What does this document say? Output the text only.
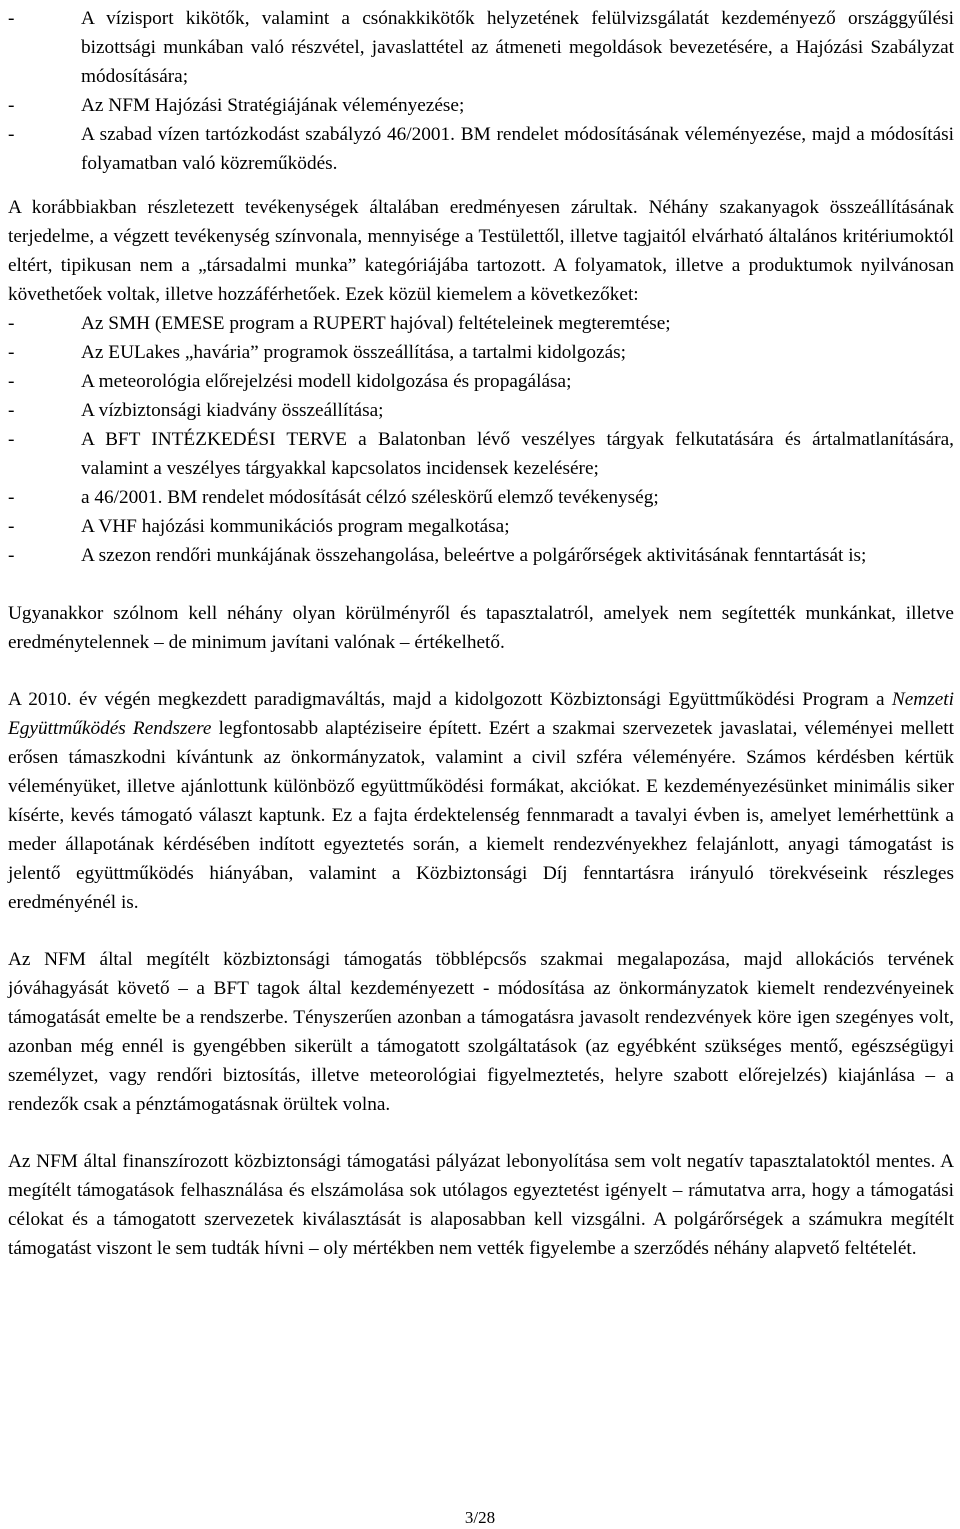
-	A vízisport kikötők, valamint a csónakkikötők helyzetének felülvizsgálatát kezdeményező országgyűlési bizottsági munkában való részvétel, javaslattétel az átmeneti megoldások bevezetésére, a Hajózási Szabályzat módosítására;
-	Az NFM Hajózási Stratégiájának véleményezése;
-	A szabad vízen tartózkodást szabályzó 46/2001. BM rendelet módosításának véleményezése, majd a módosítási folyamatban való közreműködés.

A korábbiakban részletezett tevékenységek általában eredményesen zárultak. Néhány szakanyagok összeállításának terjedelme, a végzett tevékenység színvonala, mennyisége a Testülettől, illetve tagjaitól elvárható általános kritériumoktól eltért, tipikusan nem a „társadalmi munka” kategóriájába tartozott. A folyamatok, illetve a produktumok nyilvánosan követhetőek voltak, illetve hozzáférhetőek. Ezek közül kiemelem a következőket:

-	Az SMH (EMESE program a RUPERT hajóval) feltételeinek megteremtése;
-	Az EULakes „havária” programok összeállítása, a tartalmi kidolgozás;
-	A meteorológia előrejelzési modell kidolgozása és propagálása;
-	A vízbiztonsági kiadvány összeállítása;
-	A BFT INTÉZKEDÉSI TERVE a Balatonban lévő veszélyes tárgyak felkutatására és ártalmatlanítására, valamint a veszélyes tárgyakkal kapcsolatos incidensek kezelésére;
-	a 46/2001. BM rendelet módosítását célzó széleskörű elemző tevékenység;
-	A VHF hajózási kommunikációs program megalkotása;
-	A szezon rendőri munkájának összehangolása, beleértve a polgárőrségek aktivitásának fenntartását is;

Ugyanakkor szólnom kell néhány olyan körülményről és tapasztalatról, amelyek nem segítették munkánkat, illetve eredménytelennek – de minimum javítani valónak – értékelhető.

A 2010. év végén megkezdett paradigmaváltás, majd a kidolgozott Közbiztonsági Együttműködési Program a Nemzeti Együttműködés Rendszere legfontosabb alaptéziseire épített. Ezért a szakmai szervezetek javaslatai, véleményei mellett erősen támaszkodni kívántunk az önkormányzatok, valamint a civil szféra véleményére. Számos kérdésben kértük véleményüket, illetve ajánlottunk különböző együttműködési formákat, akciókat. E kezdeményezésünket minimális siker kísérte, kevés támogató választ kaptunk. Ez a fajta érdektelenség fennmaradt a tavalyi évben is, amelyet lemérhettünk a meder állapotának kérdésében indított egyeztetés során, a kiemelt rendezvényekhez felajánlott, anyagi támogatást is jelentő együttműködés hiányában, valamint a Közbiztonsági Díj fenntartásra irányuló törekvéseink részleges eredményénél is.

Az NFM által megítélt közbiztonsági támogatás többlépcsős szakmai megalapozása, majd allokációs tervének jóváhagyását követő – a BFT tagok által kezdeményezett - módosítása az önkormányzatok kiemelt rendezvényeinek támogatását emelte be a rendszerbe. Tényszerűen azonban a támogatásra javasolt rendezvények köre igen szegényes volt, azonban még ennél is gyengébben sikerült a támogatott szolgáltatások (az egyébként szükséges mentő, egészségügyi személyzet, vagy rendőri biztosítás, illetve meteorológiai figyelmeztetés, helyre szabott előrejelzés) kiajánlása – a rendezők csak a pénztámogatásnak örültek volna.

Az NFM által finanszírozott közbiztonsági támogatási pályázat lebonyolítása sem volt negatív tapasztalatoktól mentes. A megítélt támogatások felhasználása és elszámolása sok utólagos egyeztetést igényelt – rámutatva arra, hogy a támogatási célokat és a támogatott szervezetek kiválasztását is alaposabban kell vizsgálni. A polgárőrségek a számukra megítélt támogatást viszont le sem tudták hívni – oly mértékben nem vették figyelembe a szerződés néhány alapvető feltételét.

3/28
